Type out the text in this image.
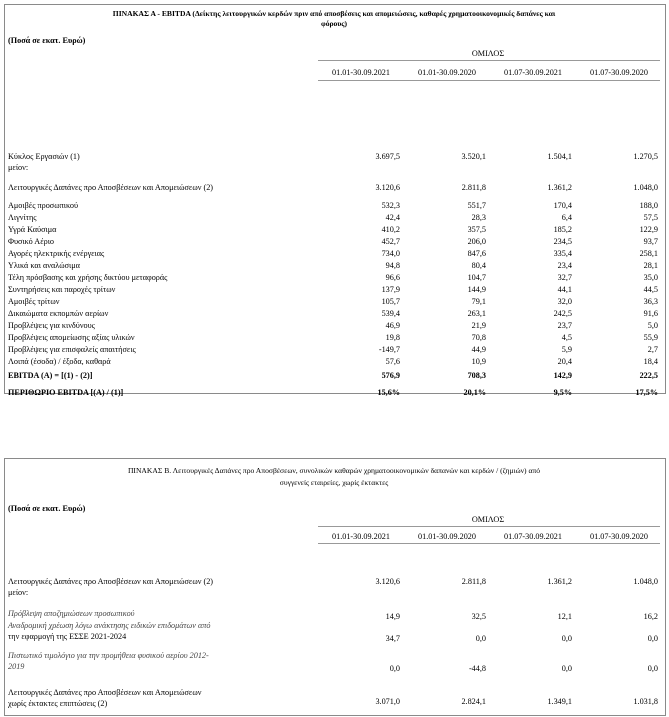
ΠΙΝΑΚΑΣ Α - EBITDA (Δείκτης λειτουργικών κερδών πριν από αποσβέσεις και απομειώσεις, καθαρές χρηματοοικονομικές δαπάνες και
φόρους)
(Ποσά σε εκατ. Ευρώ)
ΟΜΙΛΟΣ
01.01-30.09.2021	01.01-30.09.2020	01.07-30.09.2021	01.07-30.09.2020
Κύκλος Εργασιών (1)	3.697,5	3.520,1	1.504,1	1.270,5
μείον:
Λειτουργικές Δαπάνες προ Αποσβέσεων και Απομειώσεων (2)	3.120,6	2.811,8	1.361,2	1.048,0
Αμοιβές προσωπικού	532,3	551,7	170,4	188,0
Λιγνίτης	42,4	28,3	6,4	57,5
Υγρά Καύσιμα	410,2	357,5	185,2	122,9
Φυσικό Αέριο	452,7	206,0	234,5	93,7
Αγορές ηλεκτρικής ενέργειας	734,0	847,6	335,4	258,1
Υλικά και αναλώσιμα	94,8	80,4	23,4	28,1
Τέλη πρόσβασης και χρήσης δικτύου μεταφοράς	96,6	104,7	32,7	35,0
Συντηρήσεις και παροχές τρίτων	137,9	144,9	44,1	44,5
Αμοιβές τρίτων	105,7	79,1	32,0	36,3
Δικαιώματα εκπομπών αερίων	539,4	263,1	242,5	91,6
Προβλέψεις για κινδύνους	46,9	21,9	23,7	5,0
Προβλέψεις απομείωσης αξίας υλικών	19,8	70,8	4,5	55,9
Προβλέψεις για επισφαλείς απαιτήσεις	-149,7	44,9	5,9	2,7
Λοιπά (έσοδα) / έξοδα, καθαρά	57,6	10,9	20,4	18,4
EBITDA (A) = [(1) - (2)]	576,9	708,3	142,9	222,5
ΠΕΡΙΘΩΡΙΟ EBITDA [(A) / (1)]	15,6%	20,1%	9,5%	17,5%
ΠΙΝΑΚΑΣ Β. Λειτουργικές Δαπάνες προ Αποσβέσεων, συνολικών καθαρών χρηματοοικονομικών δαπανών και κερδών / (ζημιών) από
συγγενείς εταιρείες, χωρίς έκτακτες
(Ποσά σε εκατ. Ευρώ)
ΟΜΙΛΟΣ
01.01-30.09.2021	01.01-30.09.2020	01.07-30.09.2021	01.07-30.09.2020
Λειτουργικές Δαπάνες προ Αποσβέσεων και Απομειώσεων (2)	3.120,6	2.811,8	1.361,2	1.048,0
μείον:
Πρόβλεψη αποζημιώσεων προσωπικού	14,9	32,5	12,1	16,2
Αναδρομική χρέωση λόγω ανάκτησης ειδικών επιδομάτων από
την εφαρμογή της ΕΣΣΕ 2021-2024	34,7	0,0	0,0	0,0
Πιστωτικό τιμολόγιο για την προμήθεια φυσικού αερίου 2012-
2019	0,0	-44,8	0,0	0,0
Λειτουργικές Δαπάνες προ Αποσβέσεων και Απομειώσεων
χωρίς έκτακτες επιπτώσεις (2)	3.071,0	2.824,1	1.349,1	1.031,8
